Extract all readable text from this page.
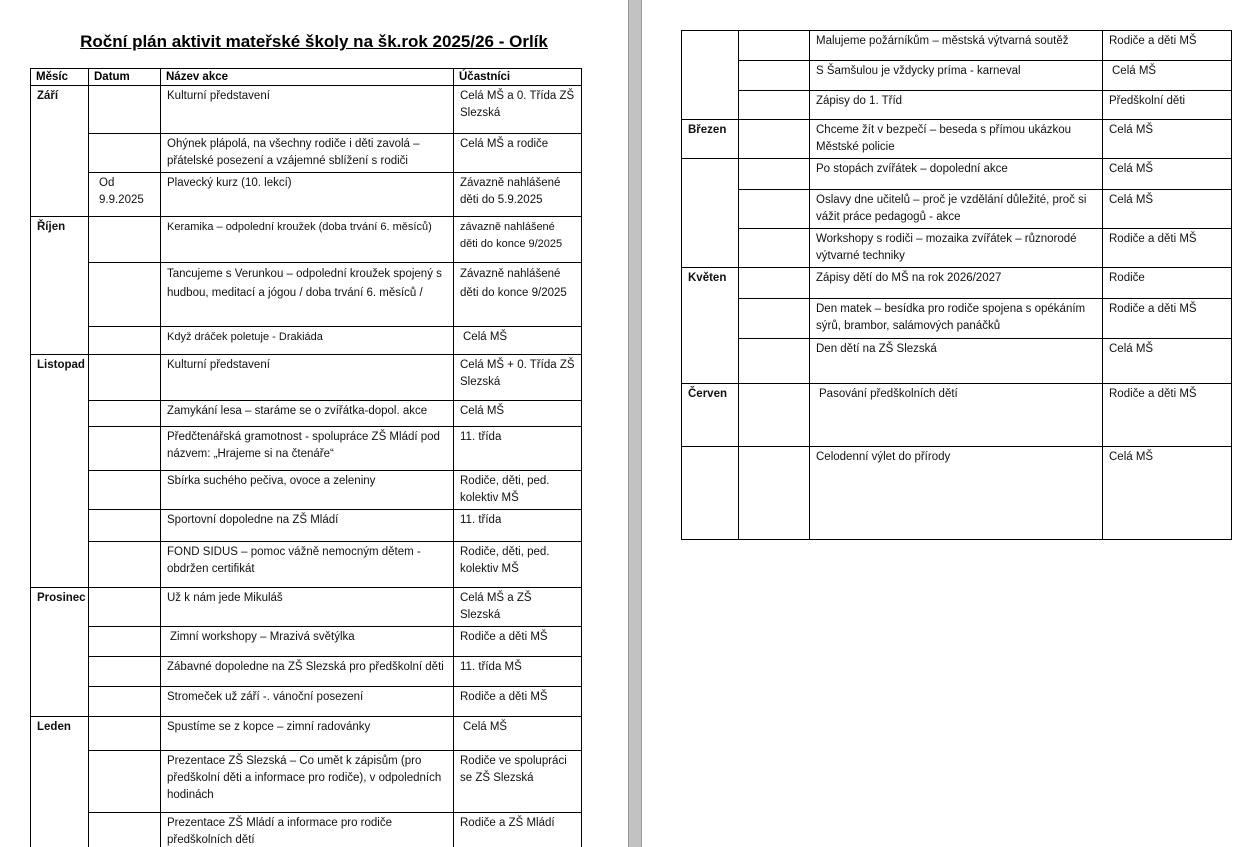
Roční plán aktivit mateřské školy na šk.rok 2025/26 - Orlík
Měsíc	Datum	Název akce	Účastníci
Září		Kulturní představení	Celá MŠ a 0. Třída ZŠ Slezská
		Ohýnek plápolá, na všechny rodiče i děti zavolá – přátelské posezení a vzájemné sblížení s rodiči	Celá MŠ a rodiče
	Od 9.9.2025	Plavecký kurz (10. lekcí)	Závazně nahlášené děti do 5.9.2025
Říjen		Keramika – odpolední kroužek (doba trvání 6. měsíců)	závazně nahlášené děti do konce 9/2025
		Tancujeme s Verunkou – odpolední kroužek spojený s hudbou, meditací a jógou / doba trvání 6. měsíců /	Závazně nahlášené děti do konce 9/2025
		Když dráček poletuje - Drakiáda	Celá MŠ
Listopad		Kulturní představení	Celá MŠ + 0. Třída ZŠ Slezská
		Zamykání lesa – staráme se o zvířátka-dopol. akce	Celá MŠ
		Předčtenářská gramotnost - spolupráce ZŠ Mládí pod názvem: „Hrajeme si na čtenáře“	11. třída
		Sbírka suchého pečiva, ovoce a zeleniny	Rodiče, děti, ped. kolektiv MŠ
		Sportovní dopoledne na ZŠ Mládí	11. třída
		FOND SIDUS – pomoc vážně nemocným dětem - obdržen certifikát	Rodiče, děti, ped. kolektiv MŠ
Prosinec		Už k nám jede Mikuláš	Celá MŠ a ZŠ Slezská
		Zimní workshopy – Mrazivá světýlka	Rodiče a děti MŠ
		Zábavné dopoledne na ZŠ Slezská pro předškolní děti	11. třída MŠ
		Stromeček už září -. vánoční posezení	Rodiče a děti MŠ
Leden		Spustíme se z kopce – zimní radovánky	Celá MŠ
		Prezentace ZŠ Slezská – Co umět k zápisům (pro předškolní děti a informace pro rodiče), v odpoledních hodinách	Rodiče ve spolupráci se ZŠ Slezská
		Prezentace ZŠ Mládí a informace pro rodiče předškolních dětí	Rodiče a ZŠ Mládí
		Malujeme požárníkům – městská výtvarná soutěž	Rodiče a děti MŠ
		S Šamšulou je vždycky príma - karneval	Celá MŠ
		Zápisy do 1. Tříd	Předškolní děti
Březen		Chceme žít v bezpečí – beseda s přímou ukázkou Městské policie	Celá MŠ
		Po stopách zvířátek – dopolední akce	Celá MŠ
		Oslavy dne učitelů – proč je vzdělání důležité, proč si vážit práce pedagogů - akce	Celá MŠ
		Workshopy s rodiči – mozaika zvířátek – různorodé výtvarné techniky	Rodiče a děti MŠ
Květen		Zápisy dětí do MŠ na rok 2026/2027	Rodiče
		Den matek – besídka pro rodiče spojena s opékáním sýrů, brambor, salámových panáčků	Rodiče a děti MŠ
		Den dětí na ZŠ Slezská	Celá MŠ
Červen		Pasování předškolních dětí	Rodiče a děti MŠ
		Celodenní výlet do přírody	Celá MŠ
